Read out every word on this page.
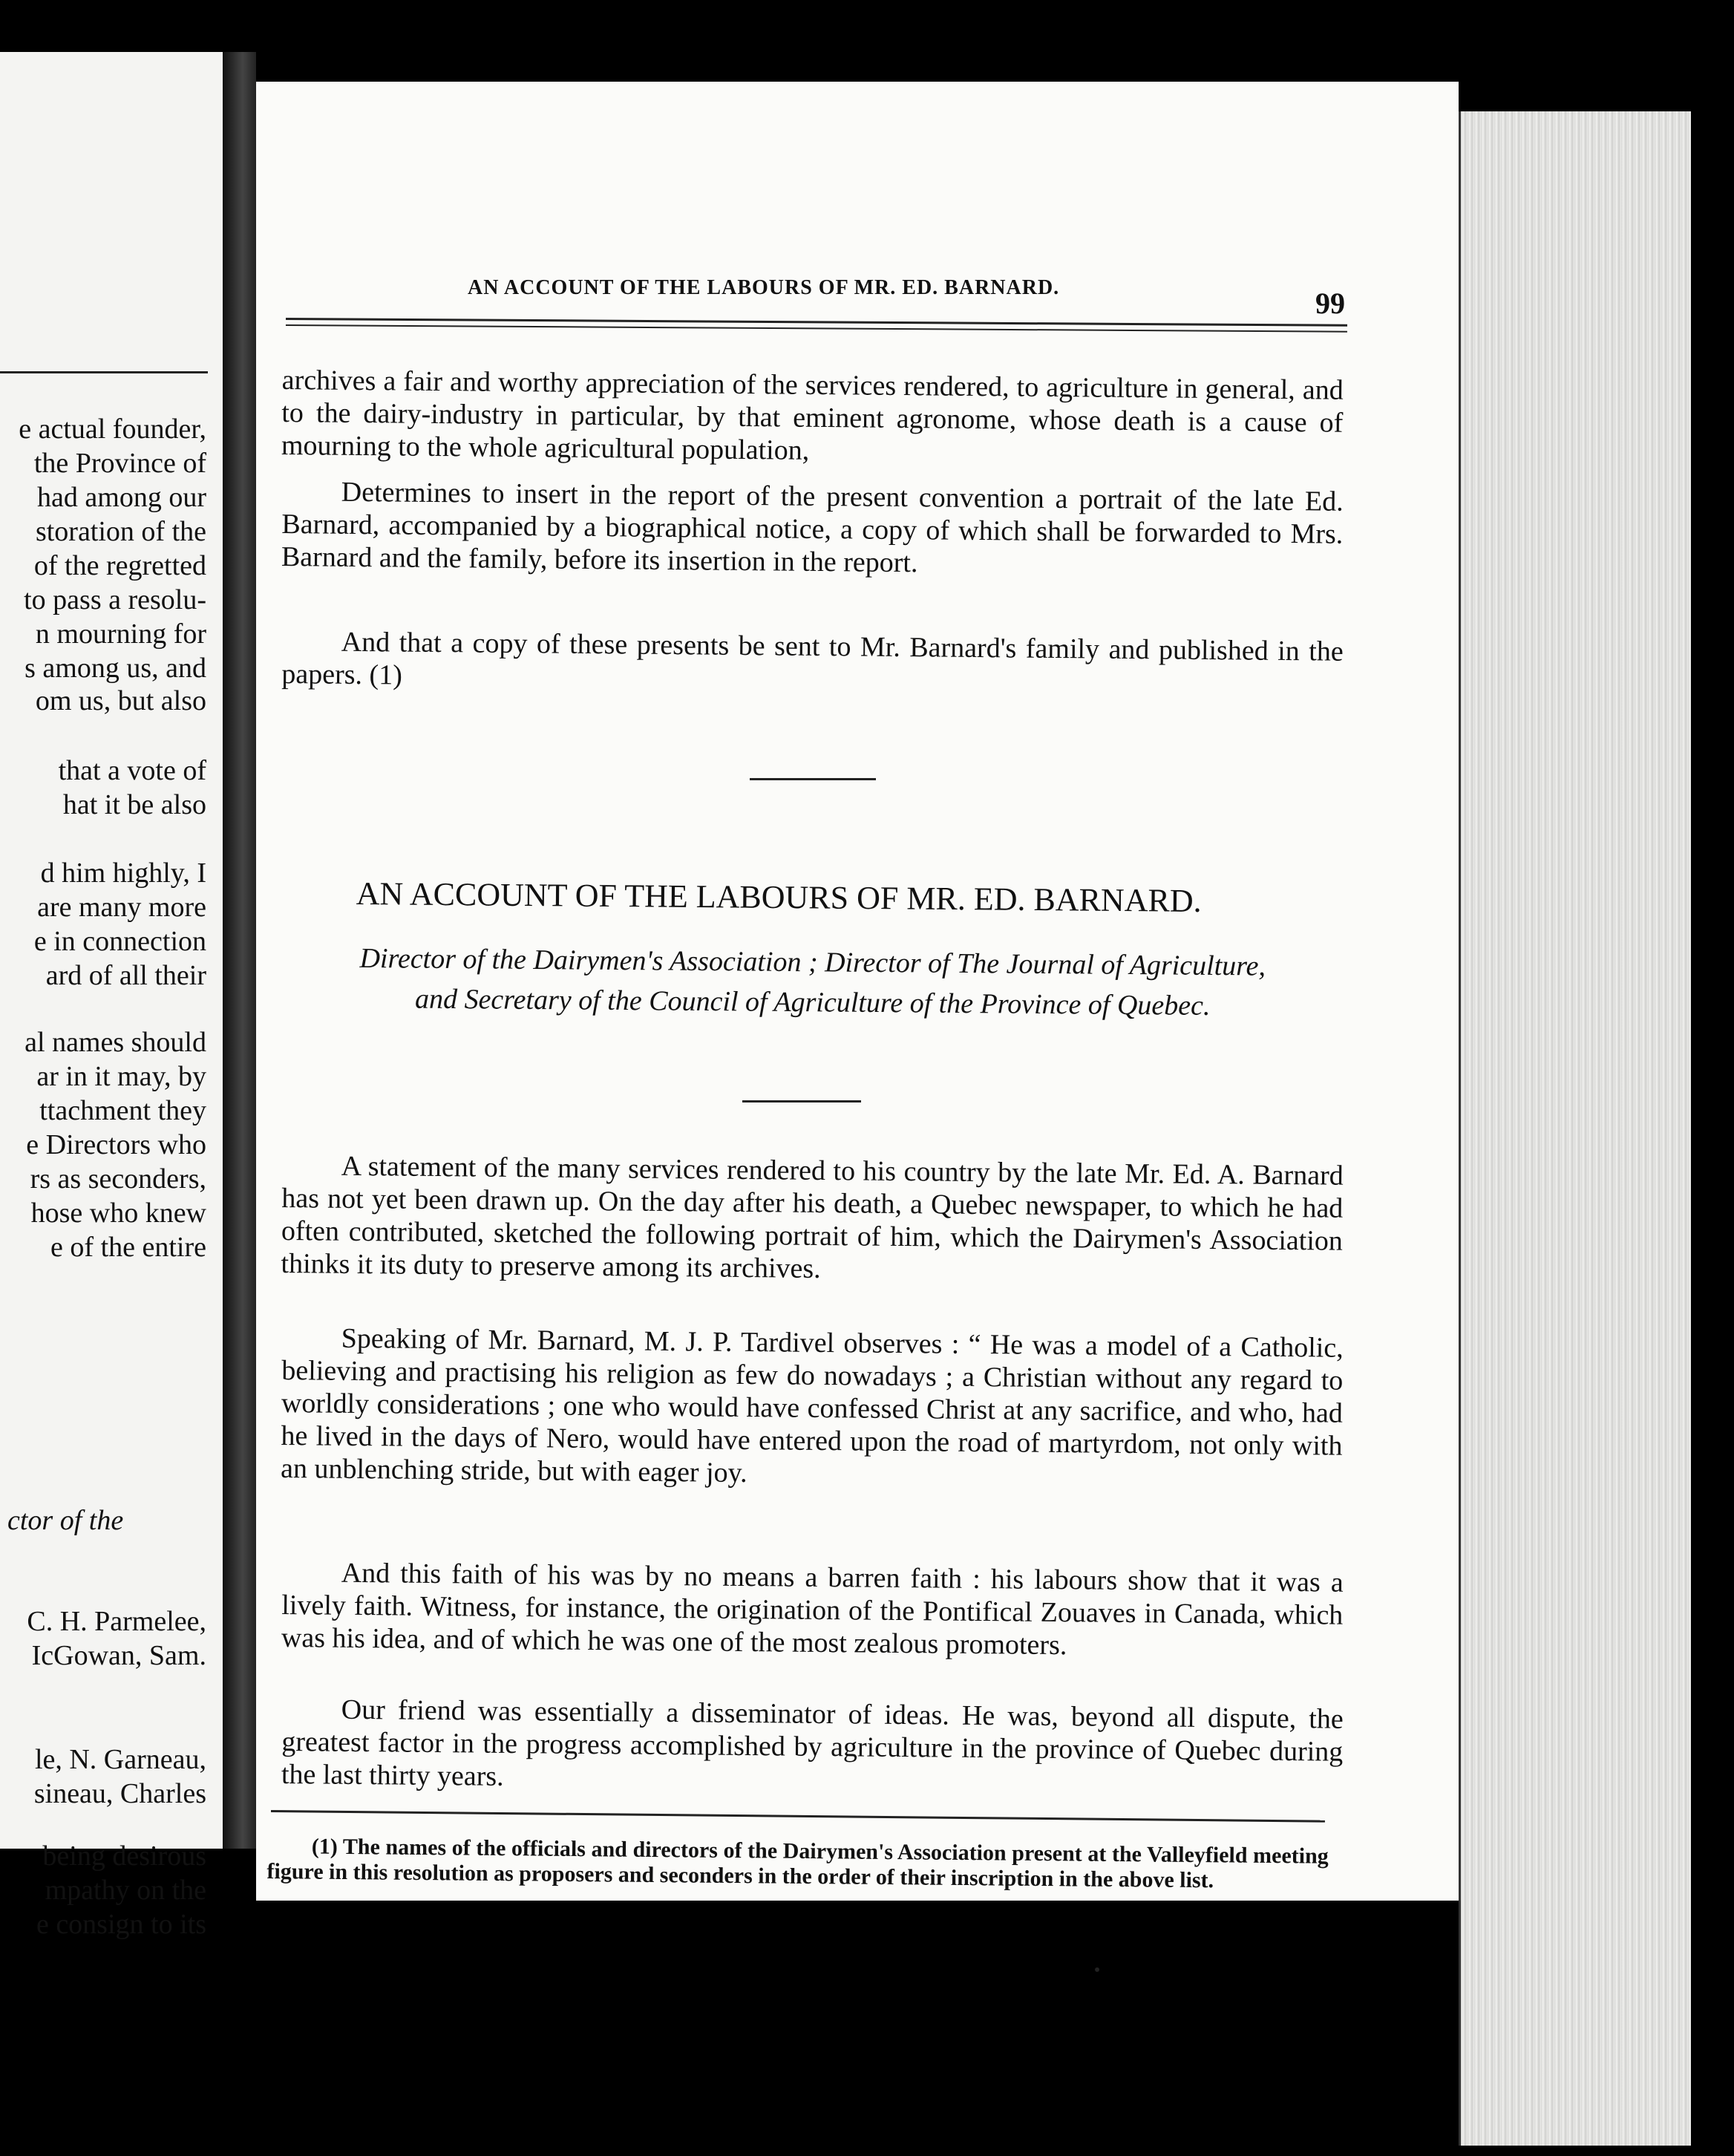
e actual founder,
the Province of
had among our
storation of the
of the regretted
to pass a resolu-
n mourning for
s among us, and
om us, but also
that a vote of
hat it be also
d him highly, I
are many more
e in connection
ard of all their
al names should
ar in it may, by
ttachment they
e Directors who
rs as seconders,
hose who knew
e of the entire
ctor of the
C. H. Parmelee,
IcGowan, Sam.
le, N. Garneau,
sineau, Charles
being desirous
mpathy on the
e consign to its
AN ACCOUNT OF THE LABOURS OF MR. ED. BARNARD.	99
archives a fair and worthy appreciation of the services rendered, to agriculture in general, and to the dairy-industry in particular, by that eminent agronome, whose death is a cause of mourning to the whole agricultural population,
Determines to insert in the report of the present convention a portrait of the late Ed. Barnard, accompanied by a biographical notice, a copy of which shall be forwarded to Mrs. Barnard and the family, before its insertion in the report.
And that a copy of these presents be sent to Mr. Barnard's family and published in the papers. (1)
AN ACCOUNT OF THE LABOURS OF MR. ED. BARNARD.
Director of the Dairymen's Association ; Director of The Journal of Agriculture,
and Secretary of the Council of Agriculture of the Province of Quebec.
A statement of the many services rendered to his country by the late Mr. Ed. A. Barnard has not yet been drawn up. On the day after his death, a Quebec newspaper, to which he had often contributed, sketched the following portrait of him, which the Dairymen's Association thinks it its duty to preserve among its archives.
Speaking of Mr. Barnard, M. J. P. Tardivel observes : “ He was a model of a Catholic, believing and practising his religion as few do nowadays ; a Christian without any regard to worldly considerations ; one who would have confessed Christ at any sacrifice, and who, had he lived in the days of Nero, would have entered upon the road of martyrdom, not only with an unblenching stride, but with eager joy.
And this faith of his was by no means a barren faith : his labours show that it was a lively faith. Witness, for instance, the origination of the Pontifical Zouaves in Canada, which was his idea, and of which he was one of the most zealous promoters.
Our friend was essentially a disseminator of ideas. He was, beyond all dispute, the greatest factor in the progress accomplished by agriculture in the province of Quebec during the last thirty years.
(1) The names of the officials and directors of the Dairymen's Association present at the Valleyfield meeting figure in this resolution as proposers and seconders in the order of their inscription in the above list.
